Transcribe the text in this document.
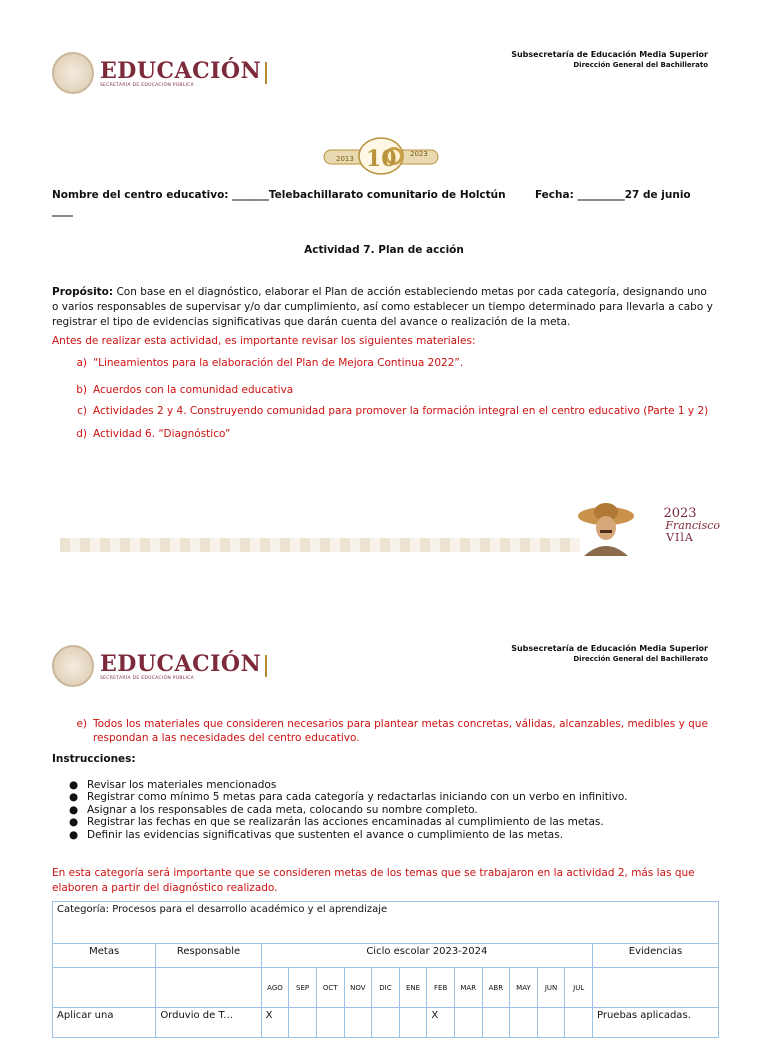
EDUCACIÓN
SECRETARÍA DE EDUCACIÓN PÚBLICA
Subsecretaría de Educación Media Superior
Dirección General del Bachillerato
2013 10 2023
Nombre del centro educativo: _______Telebachillarato comunitario de Holctún	Fecha: _________27 de junio
____
Actividad 7. Plan de acción
Propósito: Con base en el diagnóstico, elaborar el Plan de acción estableciendo metas por cada categoría, designando uno o varios responsables de supervisar y/o dar cumplimiento, así como establecer un tiempo determinado para llevarla a cabo y registrar el tipo de evidencias significativas que darán cuenta del avance o realización de la meta.
Antes de realizar esta actividad, es importante revisar los siguientes materiales:
a) “Lineamientos para la elaboración del Plan de Mejora Continua 2022”.
b) Acuerdos con la comunidad educativa
c) Actividades 2 y 4. Construyendo comunidad para promover la formación integral en el centro educativo (Parte 1 y 2)
d) Actividad 6. “Diagnóstico”
2023
Francisco
VIlA
EDUCACIÓN
SECRETARÍA DE EDUCACIÓN PÚBLICA
Subsecretaría de Educación Media Superior
Dirección General del Bachillerato
e) Todos los materiales que consideren necesarios para plantear metas concretas, válidas, alcanzables, medibles y que respondan a las necesidades del centro educativo.
Instrucciones:
● Revisar los materiales mencionados
● Registrar como mínimo 5 metas para cada categoría y redactarlas iniciando con un verbo en infinitivo.
● Asignar a los responsables de cada meta, colocando su nombre completo.
● Registrar las fechas en que se realizarán las acciones encaminadas al cumplimiento de las metas.
● Definir las evidencias significativas que sustenten el avance o cumplimiento de las metas.
En esta categoría será importante que se consideren metas de los temas que se trabajaron en la actividad 2, más las que elaboren a partir del diagnóstico realizado.
Categoría: Procesos para el desarrollo académico y el aprendizaje														
Metas	Responsable	Ciclo escolar 2023-2024												Evidencias
		AGO	SEP	OCT	NOV	DIC	ENE	FEB	MAR	ABR	MAY	JUN	JUL	
Aplicar una	Orduvio de T...	X						X						Pruebas aplicadas.
